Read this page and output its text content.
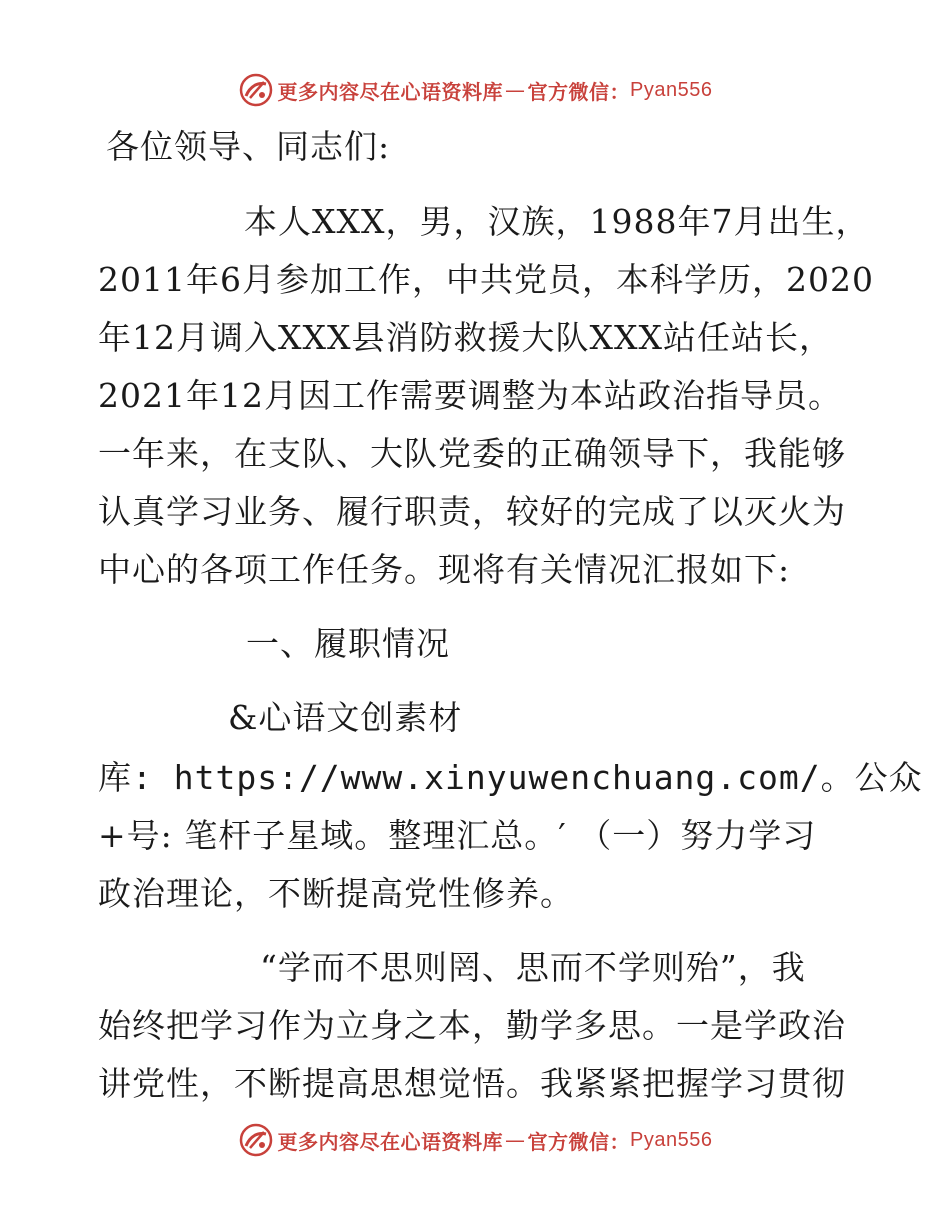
更多内容尽在心语资料库 — 官方微信： Pyan556
各位领导、同志们:
本人XXX，男，汉族，1988年7月出生，
2011年6月参加工作，中共党员，本科学历，2020
年12月调入XXX县消防救援大队XXX站任站长，
2021年12月因工作需要调整为本站政治指导员。
一年来，在支队、大队党委的正确领导下，我能够
认真学习业务、履行职责，较好的完成了以灭火为
中心的各项工作任务。现将有关情况汇报如下:
一、履职情况
&心语文创素材
库: https://www.xinyuwenchuang.com/。公众
+号: 笔杆子星域。整理汇总。′ （一）努力学习
政治理论，不断提高党性修养。
“学而不思则罔、思而不学则殆”，我
始终把学习作为立身之本，勤学多思。一是学政治
讲党性，不断提高思想觉悟。我紧紧把握学习贯彻
更多内容尽在心语资料库 — 官方微信： Pyan556
